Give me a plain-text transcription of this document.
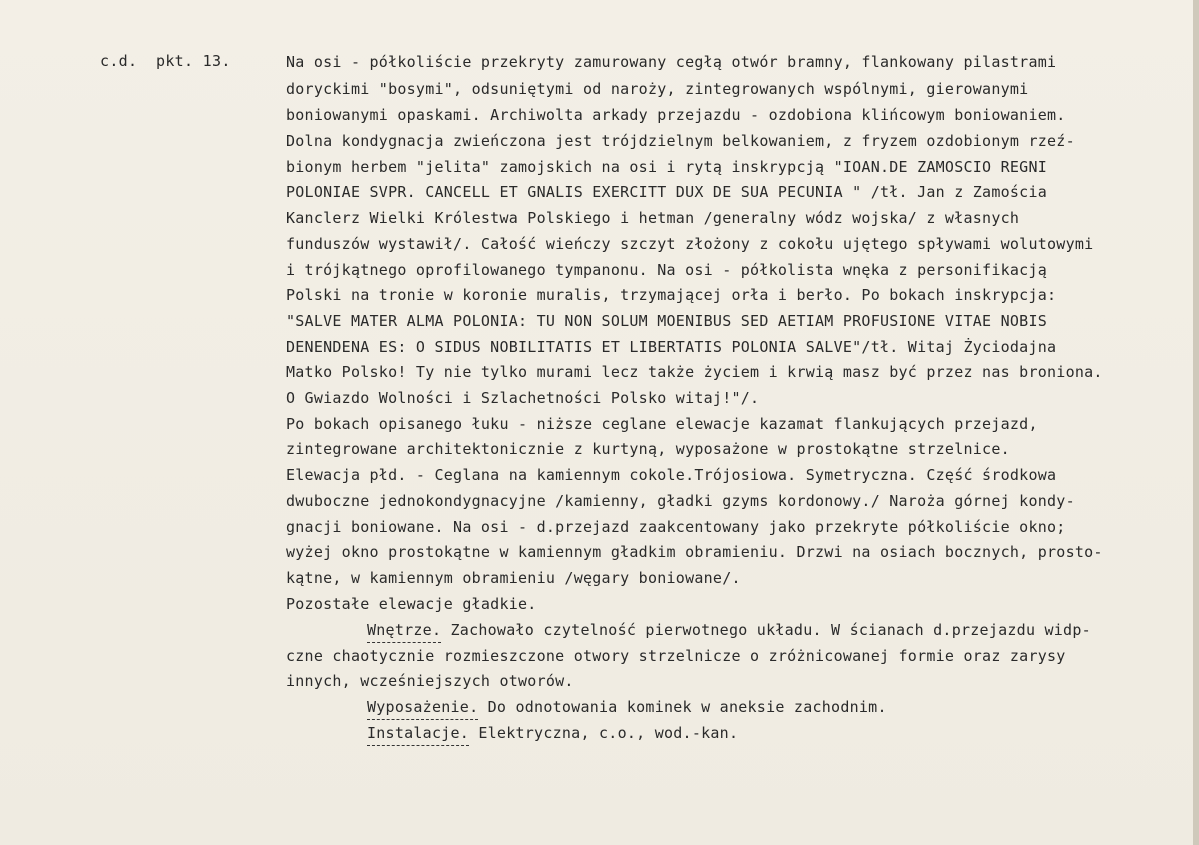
c.d. pkt. 13.	Na osi - półkoliście przekryty zamurowany cegłą otwór bramny, flankowany pilastrami
doryckimi "bosymi", odsuniętymi od naroży, zintegrowanych wspólnymi, gierowanymi
boniowanymi opaskami. Archiwolta arkady przejazdu - ozdobiona klińcowym boniowaniem.
Dolna kondygnacja zwieńczona jest trójdzielnym belkowaniem, z fryzem ozdobionym rzeź-
bionym herbem "jelita" zamojskich na osi i rytą inskrypcją "IOAN.DE ZAMOSCIO REGNI
POLONIAE SVPR. CANCELL ET GNALIS EXERCITT DUX DE SUA PECUNIA " /tł. Jan z Zamościa
Kanclerz Wielki Królestwa Polskiego i hetman /generalny wódz wojska/ z własnych
funduszów wystawił/. Całość wieńczy szczyt złożony z cokołu ujętego spływami wolutowymi
i trójkątnego oprofilowanego tympanonu. Na osi - półkolista wnęka z personifikacją
Polski na tronie w koronie muralis, trzymającej orła i berło. Po bokach inskrypcja:
"SALVE MATER ALMA POLONIA: TU NON SOLUM MOENIBUS SED AETIAM PROFUSIONE VITAE NOBIS
DENENDENA ES: O SIDUS NOBILITATIS ET LIBERTATIS POLONIA SALVE"/tł. Witaj Życiodajna
Matko Polsko! Ty nie tylko murami lecz także życiem i krwią masz być przez nas broniona.
O Gwiazdo Wolności i Szlachetności Polsko witaj!"/.
Po bokach opisanego łuku - niższe ceglane elewacje kazamat flankujących przejazd,
zintegrowane architektonicznie z kurtyną, wyposażone w prostokątne strzelnice.
Elewacja płd. - Ceglana na kamiennym cokole.Trójosiowa. Symetryczna. Część środkowa
dwuboczne jednokondygnacyjne /kamienny, gładki gzyms kordonowy./ Naroża górnej kondy-
gnacji boniowane. Na osi - d.przejazd zaakcentowany jako przekryte półkoliście okno;
wyżej okno prostokątne w kamiennym gładkim obramieniu. Drzwi na osiach bocznych, prosto-
kątne, w kamiennym obramieniu /węgary boniowane/.
Pozostałe elewacje gładkie.
Wnętrze. Zachowało czytelność pierwotnego układu. W ścianach d.przejazdu widp-
czne chaotycznie rozmieszczone otwory strzelnicze o zróżnicowanej formie oraz zarysy
innych, wcześniejszych otworów.
Wyposażenie. Do odnotowania kominek w aneksie zachodnim.
Instalacje. Elektryczna, c.o., wod.-kan.
